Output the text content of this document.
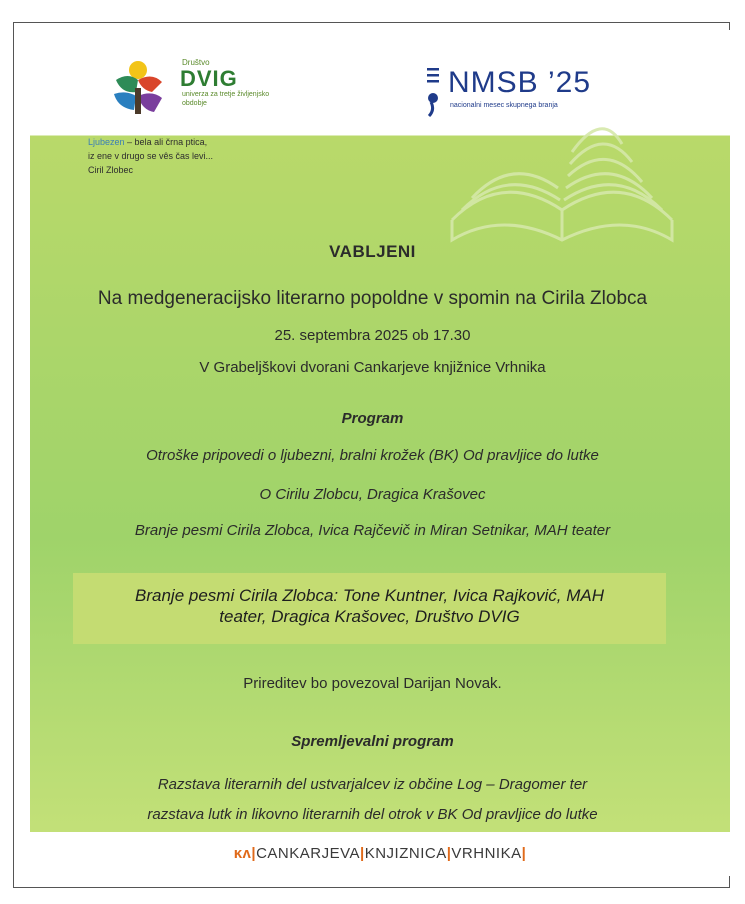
Društvo
DVIG
univerza za tretje življenjsko obdobje
NMSB ’25
nacionalni mesec skupnega branja
Ljubezen – bela ali črna ptica,
iz ene v drugo se vês čas levi...
Ciril Zlobec
VABLJENI
Na medgeneracijsko literarno popoldne v spomin na Cirila Zlobca
25. septembra 2025 ob 17.30
V Grabeljškovi dvorani Cankarjeve knjižnice Vrhnika
Program
Otroške pripovedi o ljubezni, bralni krožek (BK) Od pravljice do lutke
O Cirilu Zlobcu, Dragica Krašovec
Branje pesmi Cirila Zlobca, Ivica Rajčevič in Miran Setnikar, MAH teater
Branje pesmi Cirila Zlobca: Tone Kuntner, Ivica Rajković, MAH
teater, Dragica Krašovec, Društvo DVIG
Prireditev bo povezoval Darijan Novak.
Spremljevalni program
Razstava literarnih del ustvarjalcev iz občine Log – Dragomer ter
razstava lutk in likovno literarnih del otrok v BK Od pravljice do lutke
ĸʌ|CANKARJEVA|KNJIZNICA|VRHNIKA|
